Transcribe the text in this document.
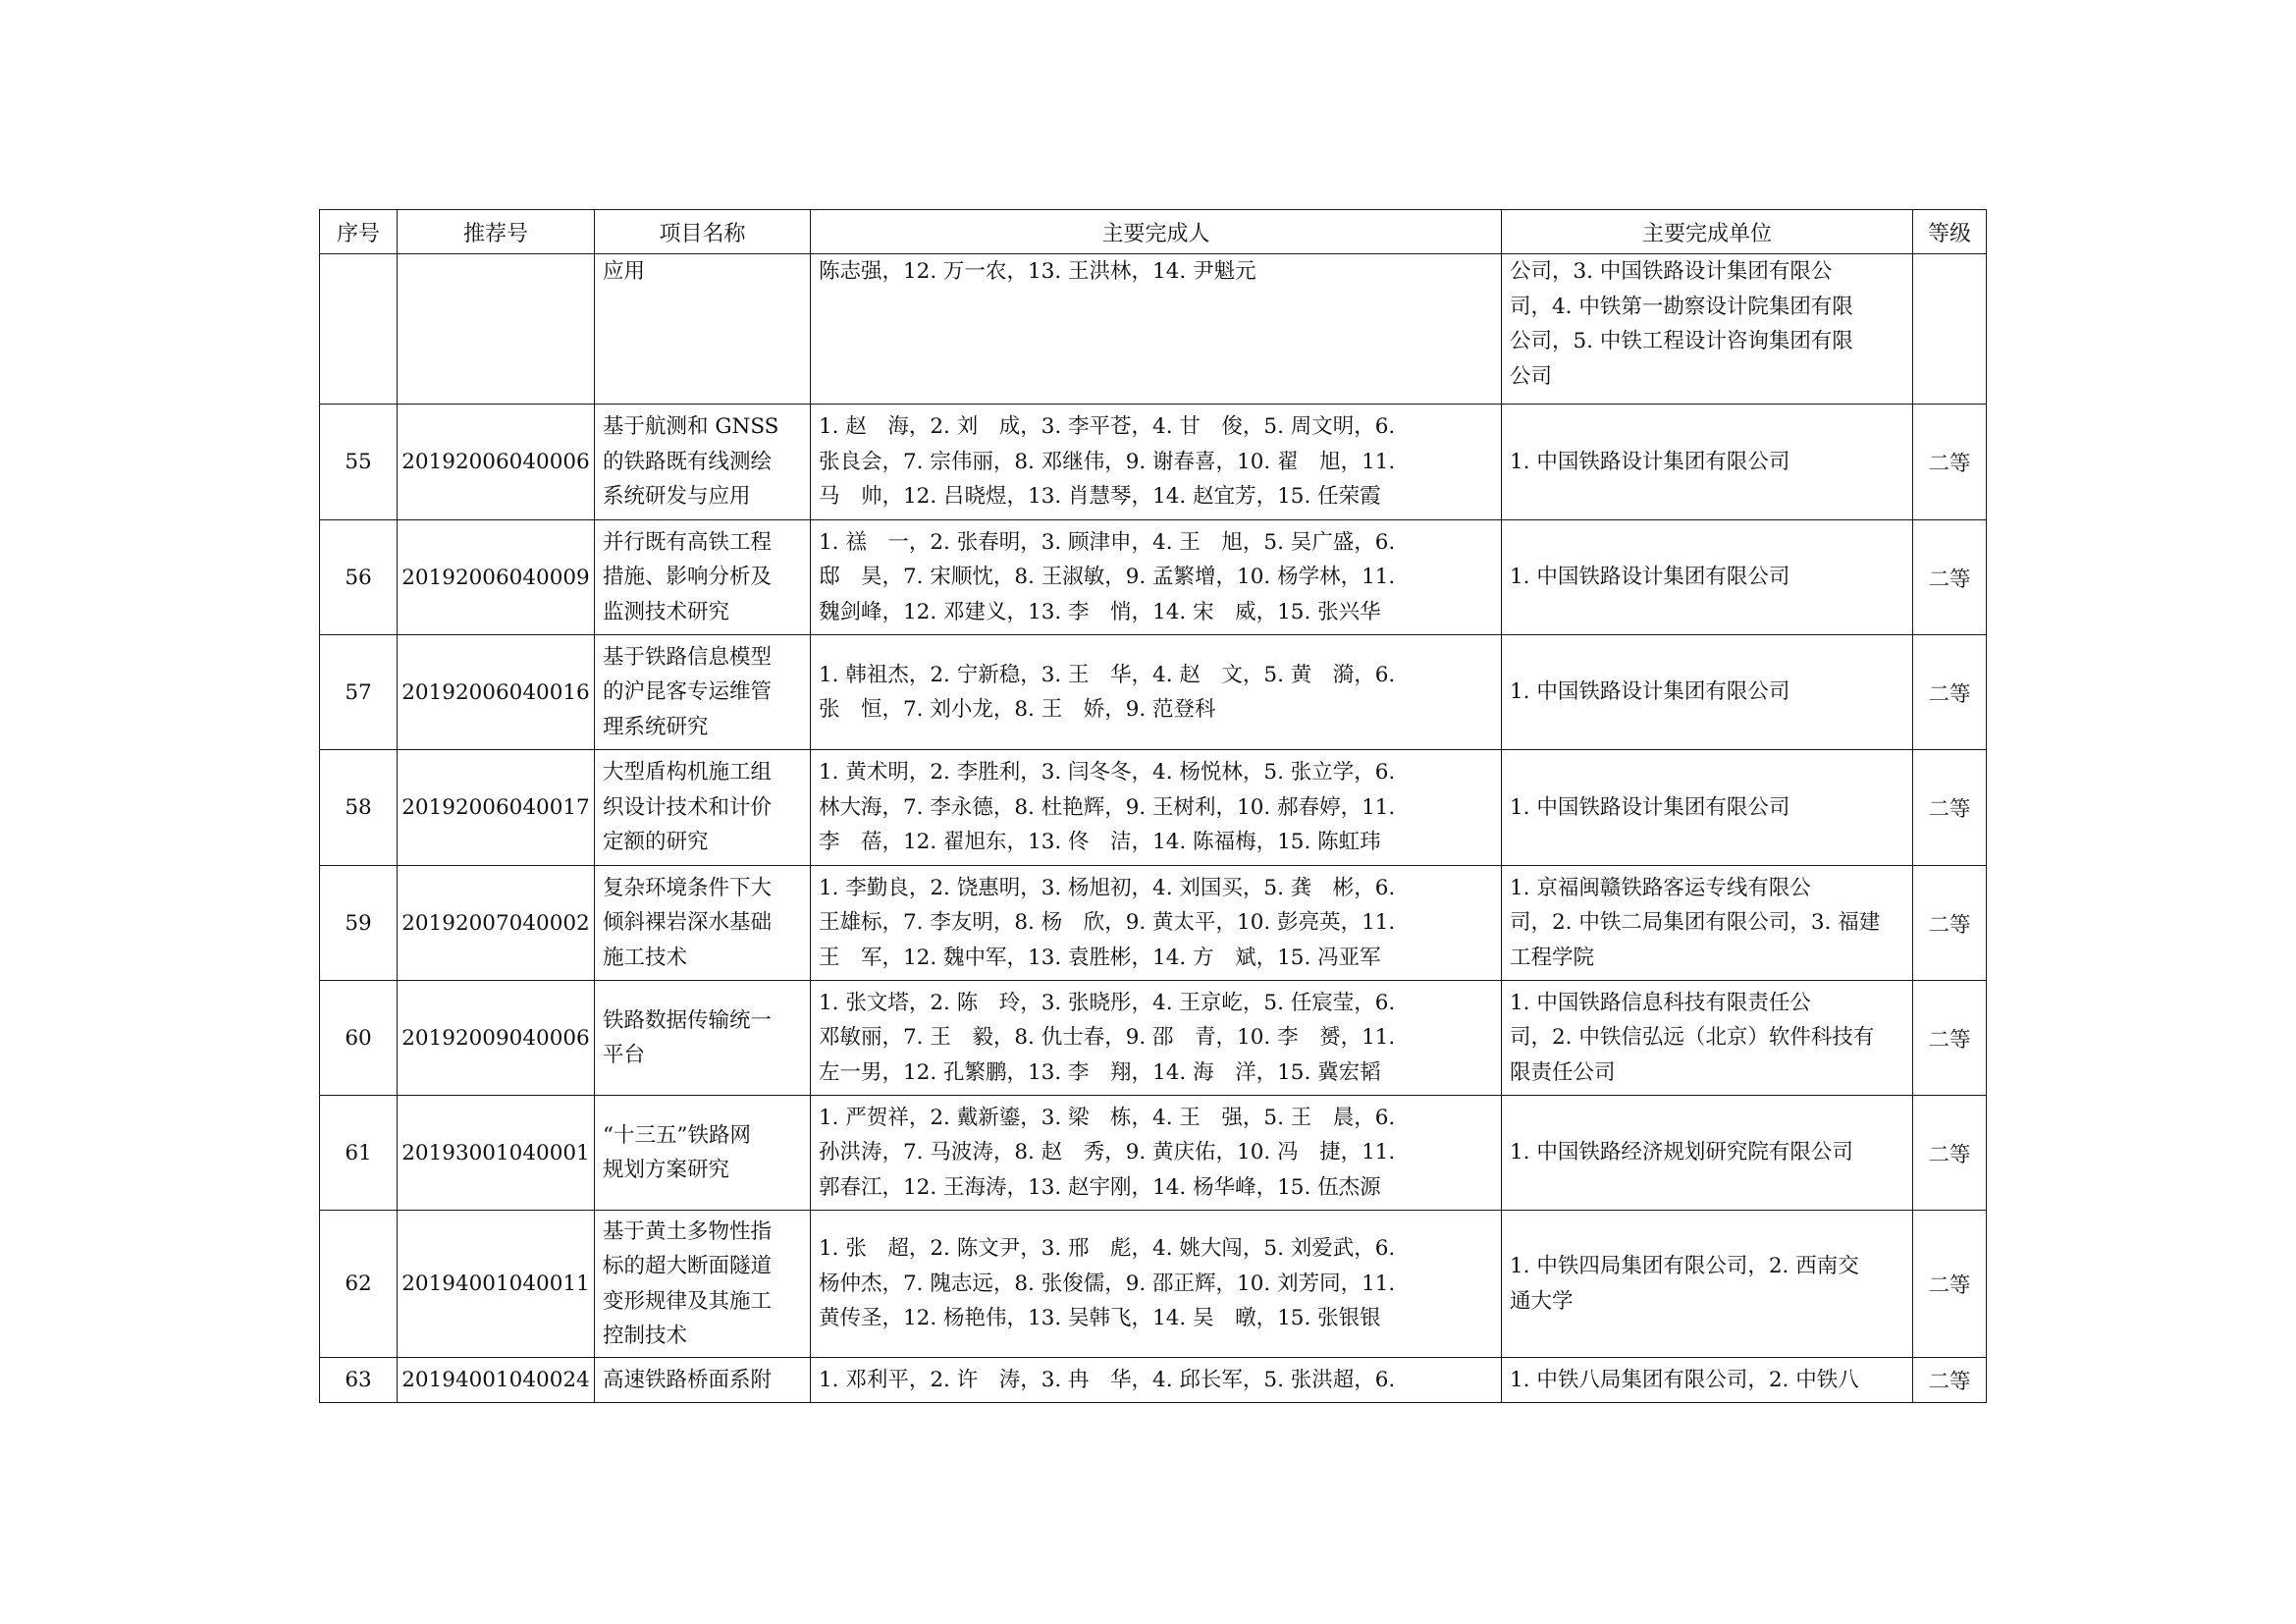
序号	推荐号	项目名称	主要完成人	主要完成单位	等级

		应用	陈志强，12. 万一农，13. 王洪林，14. 尹魁元	公司，3. 中国铁路设计集团有限公
司，4. 中铁第一勘察设计院集团有限
公司，5. 中铁工程设计咨询集团有限
公司	

55	20192006040006	基于航测和 GNSS
的铁路既有线测绘
系统研发与应用	1. 赵　海，2. 刘　成，3. 李平苍，4. 甘　俊，5. 周文明，6.
张良会，7. 宗伟丽，8. 邓继伟，9. 谢春喜，10. 翟　旭，11.
马　帅，12. 吕晓煜，13. 肖慧琴，14. 赵宜芳，15. 任荣霞	1. 中国铁路设计集团有限公司	二等
56	20192006040009	并行既有高铁工程
措施、影响分析及
监测技术研究	1. 禚　一，2. 张春明，3. 顾津申，4. 王　旭，5. 吴广盛，6.
邸　昊，7. 宋顺忱，8. 王淑敏，9. 孟繁增，10. 杨学林，11.
魏剑峰，12. 邓建义，13. 李　悄，14. 宋　威，15. 张兴华	1. 中国铁路设计集团有限公司	二等
57	20192006040016	基于铁路信息模型
的沪昆客专运维管
理系统研究	1. 韩祖杰，2. 宁新稳，3. 王　华，4. 赵　文，5. 黄　漪，6.
张　恒，7. 刘小龙，8. 王　娇，9. 范登科	1. 中国铁路设计集团有限公司	二等
58	20192006040017	大型盾构机施工组
织设计技术和计价
定额的研究	1. 黄术明，2. 李胜利，3. 闫冬冬，4. 杨悦林，5. 张立学，6.
林大海，7. 李永德，8. 杜艳辉，9. 王树利，10. 郝春婷，11.
李　蓓，12. 翟旭东，13. 佟　洁，14. 陈福梅，15. 陈虹玮	1. 中国铁路设计集团有限公司	二等
59	20192007040002	复杂环境条件下大
倾斜裸岩深水基础
施工技术	1. 李勤良，2. 饶惠明，3. 杨旭初，4. 刘国买，5. 龚　彬，6.
王雄标，7. 李友明，8. 杨　欣，9. 黄太平，10. 彭亮英，11.
王　军，12. 魏中军，13. 袁胜彬，14. 方　斌，15. 冯亚军	1. 京福闽赣铁路客运专线有限公
司，2. 中铁二局集团有限公司，3. 福建
工程学院	二等
60	20192009040006	铁路数据传输统一
平台	1. 张文塔，2. 陈　玲，3. 张晓彤，4. 王京屹，5. 任宸莹，6.
邓敏丽，7. 王　毅，8. 仇士春，9. 邵　青，10. 李　赟，11.
左一男，12. 孔繁鹏，13. 李　翔，14. 海　洋，15. 冀宏韬	1. 中国铁路信息科技有限责任公
司，2. 中铁信弘远（北京）软件科技有
限责任公司	二等
61	20193001040001	“十三五”铁路网
规划方案研究	1. 严贺祥，2. 戴新鎏，3. 梁　栋，4. 王　强，5. 王　晨，6.
孙洪涛，7. 马波涛，8. 赵　秀，9. 黄庆佑，10. 冯　捷，11.
郭春江，12. 王海涛，13. 赵宇刚，14. 杨华峰，15. 伍杰源	1. 中国铁路经济规划研究院有限公司	二等
62	20194001040011	基于黄土多物性指
标的超大断面隧道
变形规律及其施工
控制技术	1. 张　超，2. 陈文尹，3. 邢　彪，4. 姚大闯，5. 刘爱武，6.
杨仲杰，7. 隗志远，8. 张俊儒，9. 邵正辉，10. 刘芳同，11.
黄传圣，12. 杨艳伟，13. 吴韩飞，14. 吴　暾，15. 张银银	1. 中铁四局集团有限公司，2. 西南交
通大学	二等
63	20194001040024	高速铁路桥面系附	1. 邓利平，2. 许　涛，3. 冉　华，4. 邱长军，5. 张洪超，6.	1. 中铁八局集团有限公司，2. 中铁八	二等
